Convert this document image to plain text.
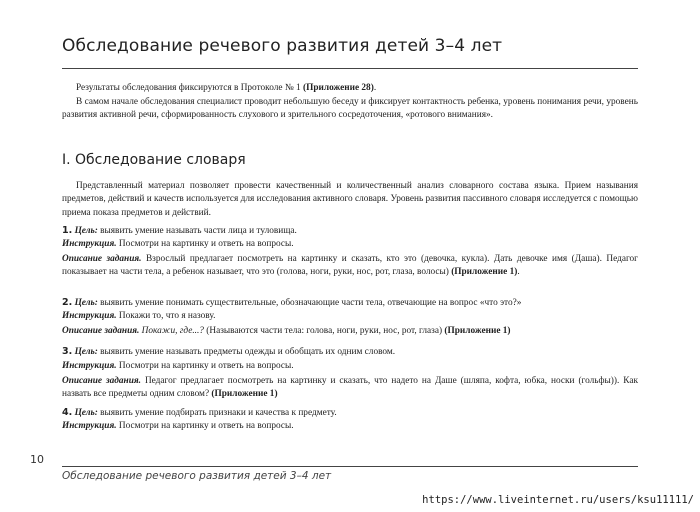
Обследование речевого развития детей 3–4 лет
Результаты обследования фиксируются в Протоколе № 1 (Приложение 28).
В самом начале обследования специалист проводит небольшую беседу и фиксирует контактность ребенка, уровень понимания речи, уровень развития активной речи, сформированность слухового и зрительного сосредоточения, «ротового внимания».
I. Обследование словаря
Представленный материал позволяет провести качественный и количественный анализ словарного состава языка. Прием называния предметов, действий и качеств используется для исследования активного словаря. Уровень развития пассивного словаря исследуется с помощью приема показа предметов и действий.
1. Цель: выявить умение называть части лица и туловища.
Инструкция. Посмотри на картинку и ответь на вопросы.
Описание задания. Взрослый предлагает посмотреть на картинку и сказать, кто это (девочка, кукла). Дать девочке имя (Даша). Педагог показывает на части тела, а ребенок называет, что это (голова, ноги, руки, нос, рот, глаза, волосы) (Приложение 1).
2. Цель: выявить умение понимать существительные, обозначающие части тела, отвечающие на вопрос «что это?»
Инструкция. Покажи то, что я назову.
Описание задания. Покажи, где...? (Называются части тела: голова, ноги, руки, нос, рот, глаза) (Приложение 1)
3. Цель: выявить умение называть предметы одежды и обобщать их одним словом.
Инструкция. Посмотри на картинку и ответь на вопросы.
Описание задания. Педагог предлагает посмотреть на картинку и сказать, что надето на Даше (шляпа, кофта, юбка, носки (гольфы)). Как назвать все предметы одним словом? (Приложение 1)
4. Цель: выявить умение подбирать признаки и качества к предмету.
Инструкция. Посмотри на картинку и ответь на вопросы.
10
Обследование речевого развития детей 3–4 лет
https://www.liveinternet.ru/users/ksu11111/
